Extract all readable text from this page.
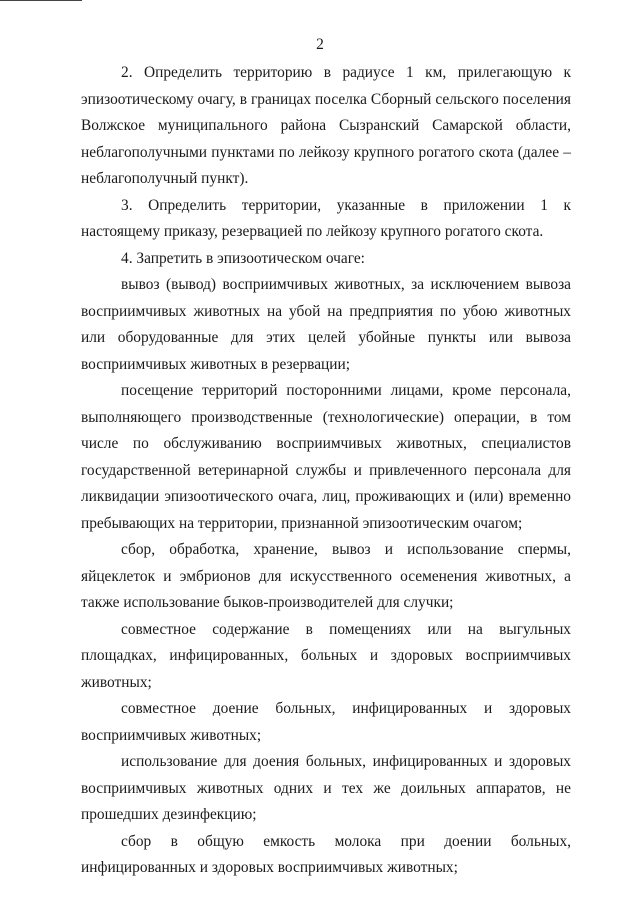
2

2. Определить территорию в радиусе 1 км, прилегающую к эпизоотическому очагу, в границах поселка Сборный сельского поселения Волжское муниципального района Сызранский Самарской области, неблагополучными пунктами по лейкозу крупного рогатого скота (далее – неблагополучный пункт).

3. Определить территории, указанные в приложении 1 к настоящему приказу, резервацией по лейкозу крупного рогатого скота.

4. Запретить в эпизоотическом очаге:

вывоз (вывод) восприимчивых животных, за исключением вывоза восприимчивых животных на убой на предприятия по убою животных или оборудованные для этих целей убойные пункты или вывоза восприимчивых животных в резервации;

посещение территорий посторонними лицами, кроме персонала, выполняющего производственные (технологические) операции, в том числе по обслуживанию восприимчивых животных, специалистов государственной ветеринарной службы и привлеченного персонала для ликвидации эпизоотического очага, лиц, проживающих и (или) временно пребывающих на территории, признанной эпизоотическим очагом;

сбор, обработка, хранение, вывоз и использование спермы, яйцеклеток и эмбрионов для искусственного осеменения животных, а также использование быков-производителей для случки;

совместное содержание в помещениях или на выгульных площадках, инфицированных, больных и здоровых восприимчивых животных;

совместное доение больных, инфицированных и здоровых восприимчивых животных;

использование для доения больных, инфицированных и здоровых восприимчивых животных одних и тех же доильных аппаратов, не прошедших дезинфекцию;

сбор в общую емкость молока при доении больных, инфицированных и здоровых восприимчивых животных;
